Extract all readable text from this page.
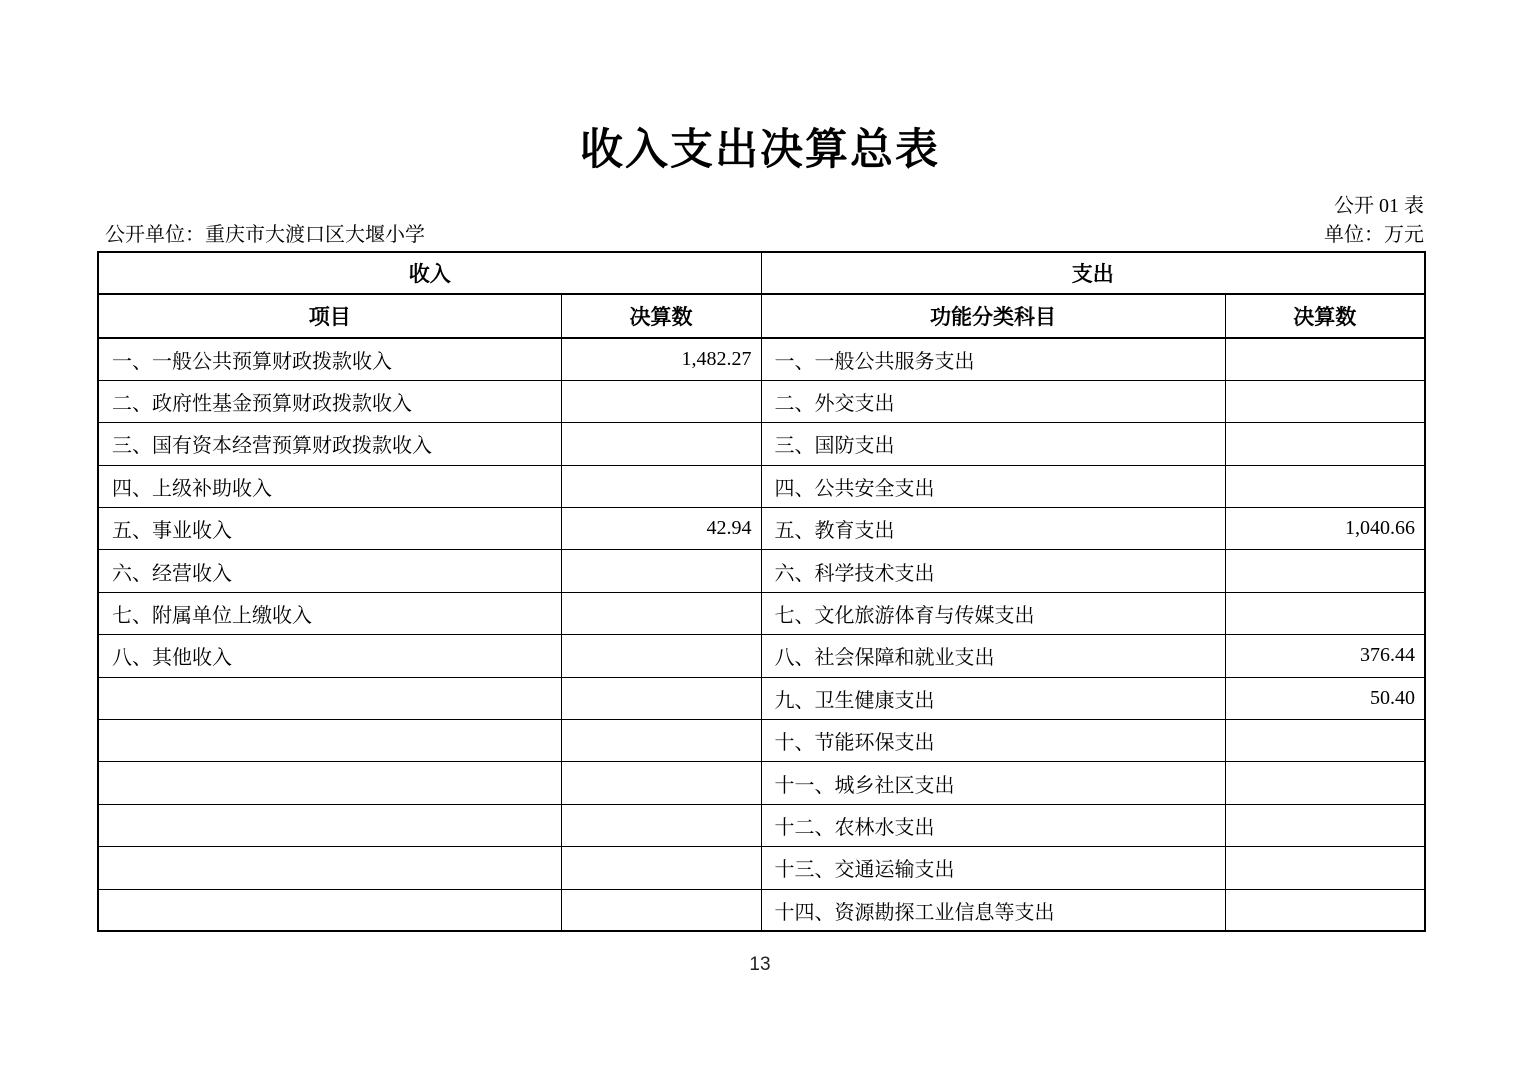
收入支出决算总表
公开 01 表
公开单位：重庆市大渡口区大堰小学	单位：万元
收入		支出	
项目	决算数	功能分类科目	决算数
一、一般公共预算财政拨款收入	1,482.27	一、一般公共服务支出	
二、政府性基金预算财政拨款收入		二、外交支出	
三、国有资本经营预算财政拨款收入		三、国防支出	
四、上级补助收入		四、公共安全支出	
五、事业收入	42.94	五、教育支出	1,040.66
六、经营收入		六、科学技术支出	
七、附属单位上缴收入		七、文化旅游体育与传媒支出	
八、其他收入		八、社会保障和就业支出	376.44
		九、卫生健康支出	50.40
		十、节能环保支出	
		十一、城乡社区支出	
		十二、农林水支出	
		十三、交通运输支出	
		十四、资源勘探工业信息等支出	
13
